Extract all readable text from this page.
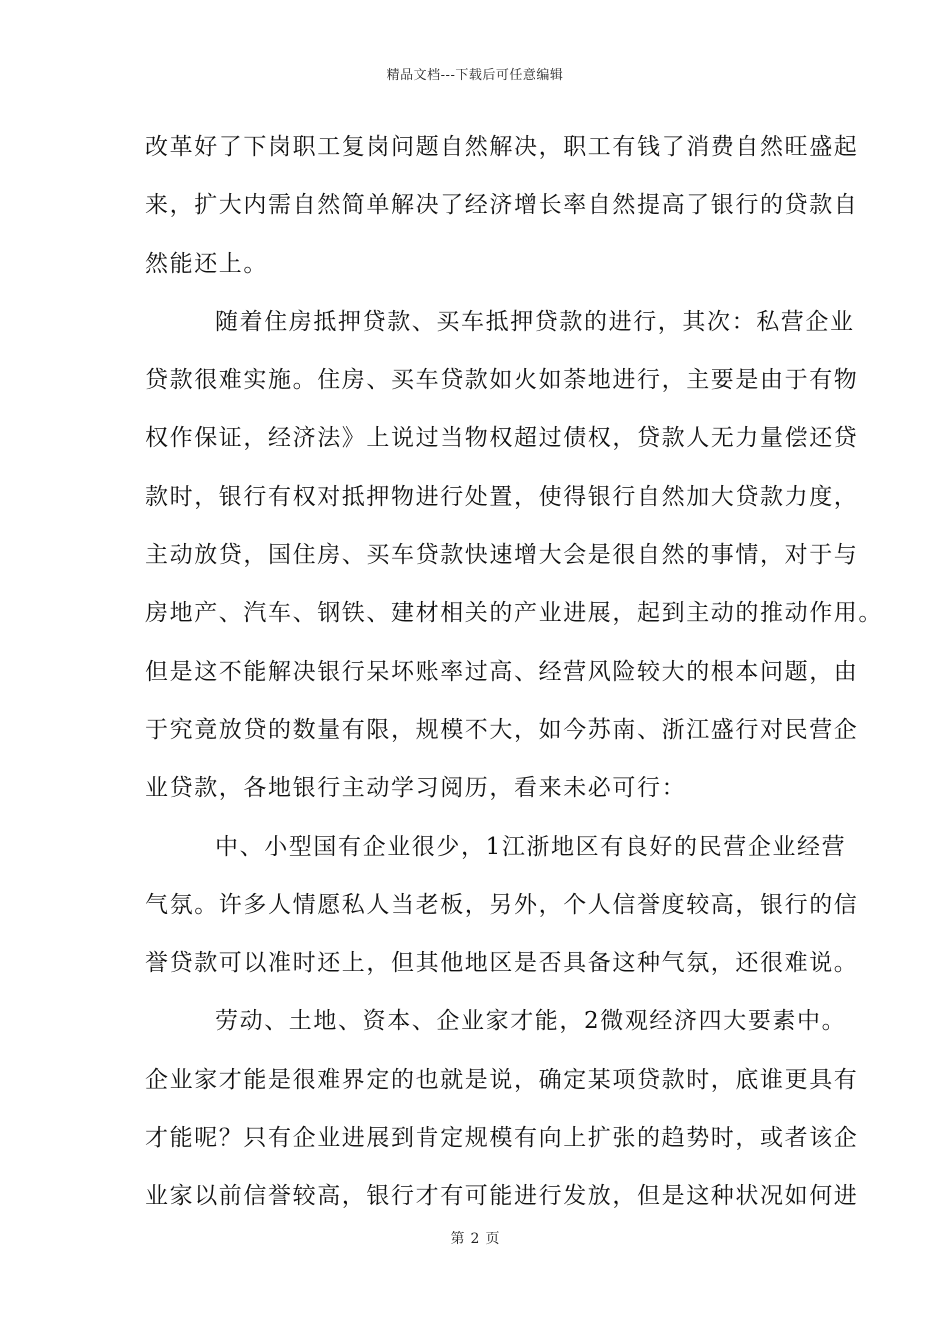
精品文档---下载后可任意编辑
改革好了下岗职工复岗问题自然解决，职工有钱了消费自然旺盛起
来，扩大内需自然简单解决了经济增长率自然提高了银行的贷款自
然能还上。
随着住房抵押贷款、买车抵押贷款的进行，其次：私营企业
贷款很难实施。住房、买车贷款如火如荼地进行，主要是由于有物
权作保证，经济法》上说过当物权超过债权，贷款人无力量偿还贷
款时，银行有权对抵押物进行处置，使得银行自然加大贷款力度，
主动放贷，国住房、买车贷款快速增大会是很自然的事情，对于与
房地产、汽车、钢铁、建材相关的产业进展，起到主动的推动作用。
但是这不能解决银行呆坏账率过高、经营风险较大的根本问题，由
于究竟放贷的数量有限，规模不大，如今苏南、浙江盛行对民营企
业贷款，各地银行主动学习阅历，看来未必可行：
中、小型国有企业很少，1江浙地区有良好的民营企业经营
气氛。许多人情愿私人当老板，另外，个人信誉度较高，银行的信
誉贷款可以准时还上，但其他地区是否具备这种气氛，还很难说。
劳动、土地、资本、企业家才能，2微观经济四大要素中。
企业家才能是很难界定的也就是说，确定某项贷款时，底谁更具有
才能呢？只有企业进展到肯定规模有向上扩张的趋势时，或者该企
业家以前信誉较高，银行才有可能进行发放，但是这种状况如何进
第 2 页
